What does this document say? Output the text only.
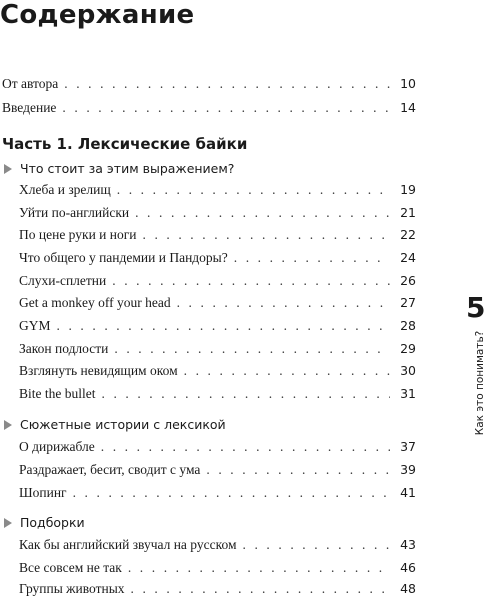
Содержание
От автора . . .	10
Введение . . .	14
Часть 1. Лексические байки
Что стоит за этим выражением?
Хлеба и зрелищ . . .	19
Уйти по-английски . . .	21
По цене руки и ноги . . .	22
Что общего у пандемии и Пандоры? . . .	24
Слухи-сплетни . . .	26
Get a monkey off your head . . .	27
GYM . . .	28
Закон подлости . . .	29
Взглянуть невидящим оком . . .	30
Bite the bullet . . .	31
Сюжетные истории с лексикой
О дирижабле . . .	37
Раздражает, бесит, сводит с ума . . .	39
Шопинг . . .	41
Подборки
Как бы английский звучал на русском . . .	43
Все совсем не так . . .	46
Группы животных . . .	48
5
Как это понимать?
